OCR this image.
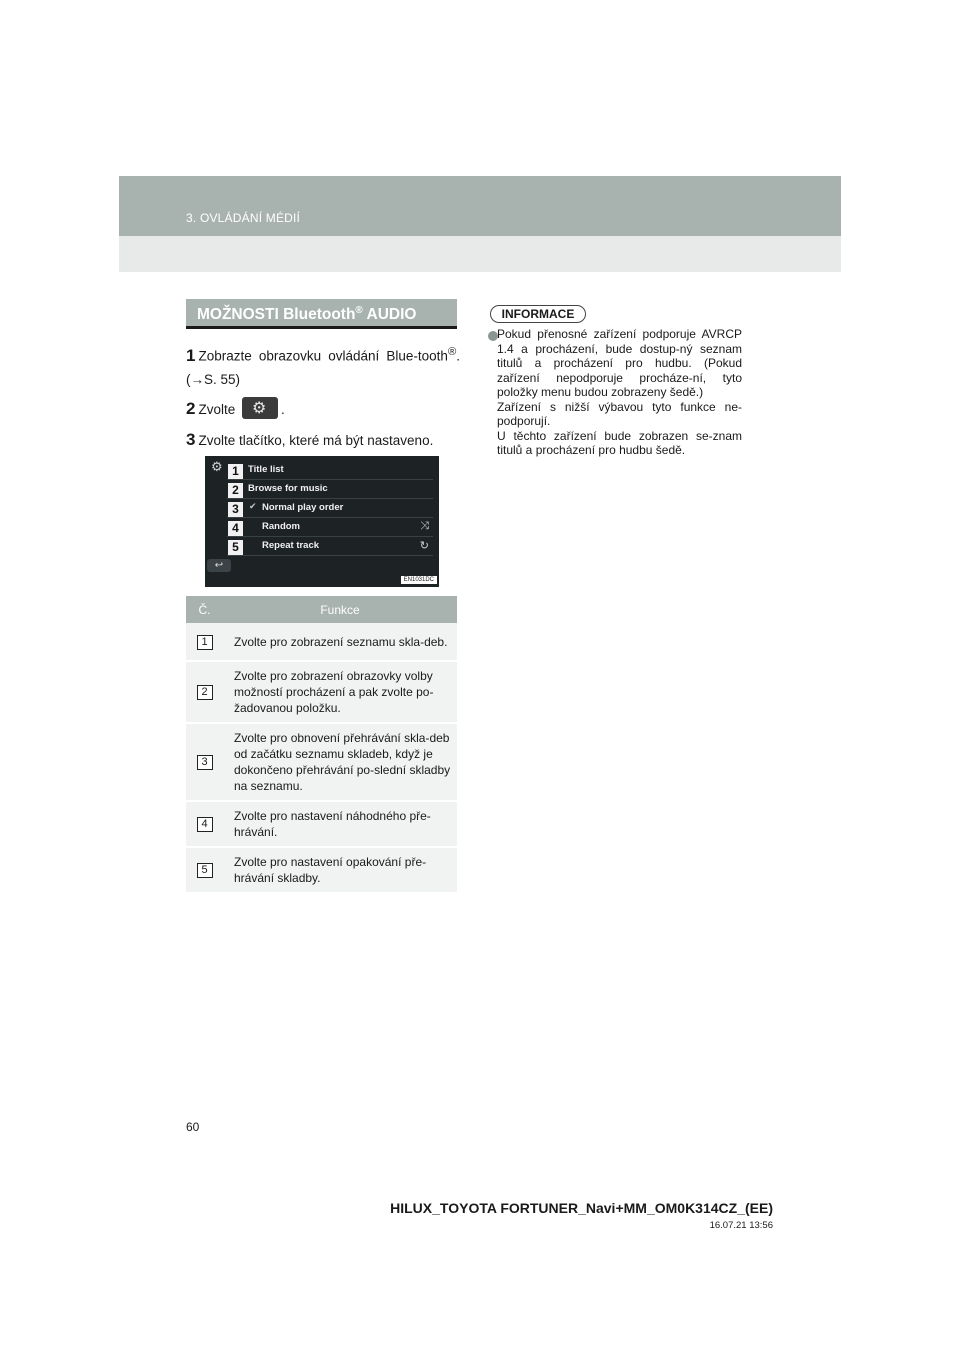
3. OVLÁDÁNÍ MÉDIÍ
MOŽNOSTI Bluetooth® AUDIO
1 Zobrazte obrazovku ovládání Blue-tooth®. (→S. 55)
2 Zvolte ⚙ .
3 Zvolte tlačítko, které má být nastaveno.
⚙	Title list
Browse for music
✔ Normal play order
Random	⤨
Repeat track	↻
1
2
3
4
5
↩
EN1031DC
Č.	Funkce
1	Zvolte pro zobrazení seznamu skla-deb.
2	Zvolte pro zobrazení obrazovky volby možností procházení a pak zvolte po-žadovanou položku.
3	Zvolte pro obnovení přehrávání skla-deb od začátku seznamu skladeb, když je dokončeno přehrávání po-slední skladby na seznamu.
4	Zvolte pro nastavení náhodného pře-hrávání.
5	Zvolte pro nastavení opakování pře-hrávání skladby.
INFORMACE

Pokud přenosné zařízení podporuje AVRCP 1.4 a procházení, bude dostup-ný seznam titulů a procházení pro hudbu. (Pokud zařízení nepodporuje procháze-ní, tyto položky menu budou zobrazeny šedě.)

Zařízení s nižší výbavou tyto funkce ne-podporují.

U těchto zařízení bude zobrazen se-znam titulů a procházení pro hudbu šedě.

60
HILUX_TOYOTA FORTUNER_Navi+MM_OM0K314CZ_(EE)
16.07.21 13:56
